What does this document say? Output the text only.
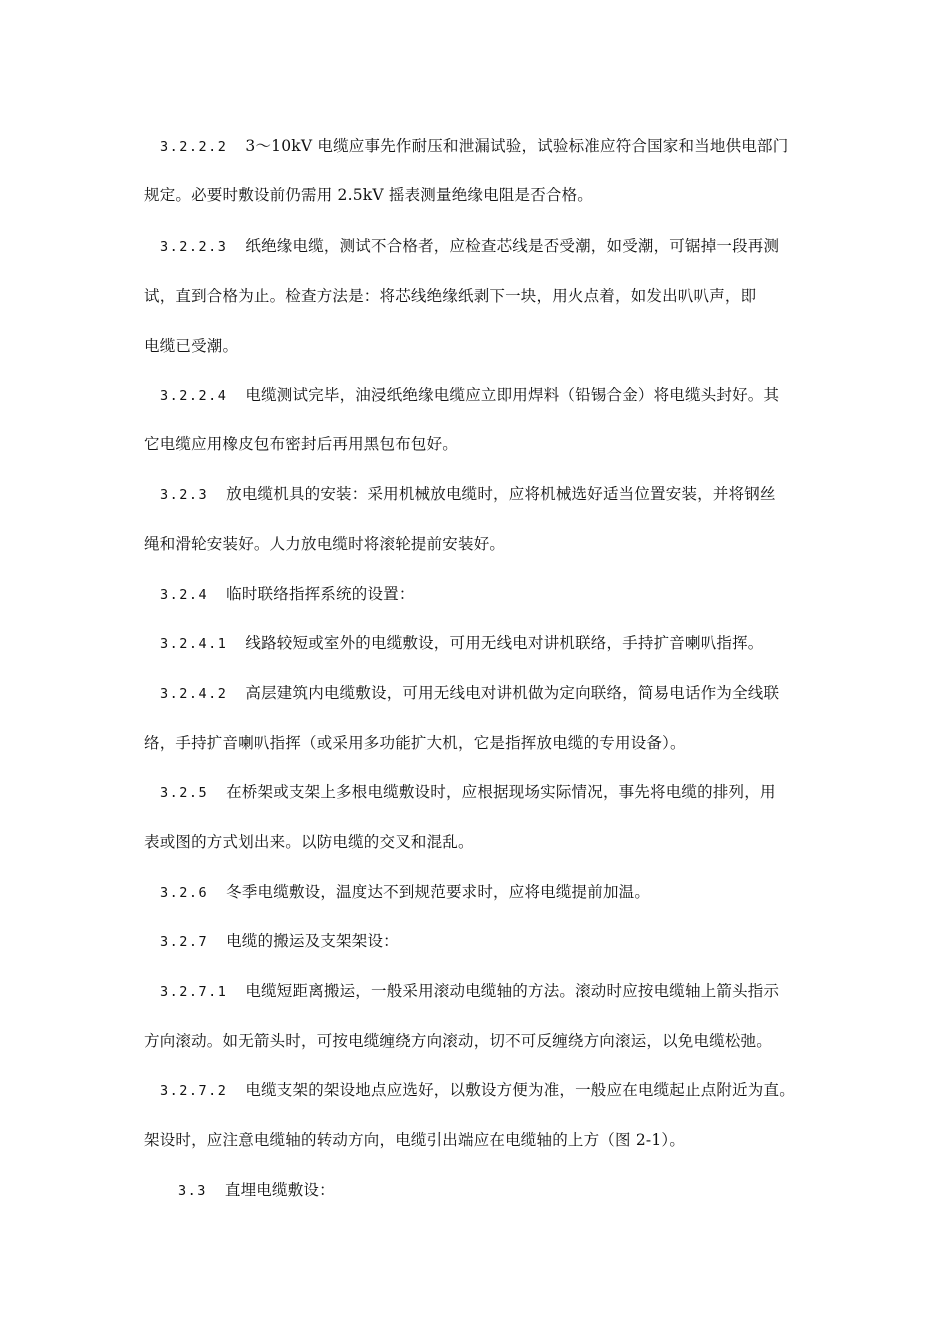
3.2.2.2 3～10kV 电缆应事先作耐压和泄漏试验，试验标准应符合国家和当地供电部门
规定。必要时敷设前仍需用 2.5kV 摇表测量绝缘电阻是否合格。
3.2.2.3 纸绝缘电缆，测试不合格者，应检查芯线是否受潮，如受潮，可锯掉一段再测
试，直到合格为止。检查方法是：将芯线绝缘纸剥下一块，用火点着，如发出叭叭声，即
电缆已受潮。
3.2.2.4 电缆测试完毕，油浸纸绝缘电缆应立即用焊料（铅锡合金）将电缆头封好。其
它电缆应用橡皮包布密封后再用黑包布包好。
3.2.3 放电缆机具的安装：采用机械放电缆时，应将机械选好适当位置安装，并将钢丝
绳和滑轮安装好。人力放电缆时将滚轮提前安装好。
3.2.4 临时联络指挥系统的设置：
3.2.4.1 线路较短或室外的电缆敷设，可用无线电对讲机联络，手持扩音喇叭指挥。
3.2.4.2 高层建筑内电缆敷设，可用无线电对讲机做为定向联络，简易电话作为全线联
络，手持扩音喇叭指挥（或采用多功能扩大机，它是指挥放电缆的专用设备）。
3.2.5 在桥架或支架上多根电缆敷设时，应根据现场实际情况，事先将电缆的排列，用
表或图的方式划出来。以防电缆的交叉和混乱。
3.2.6 冬季电缆敷设，温度达不到规范要求时，应将电缆提前加温。
3.2.7 电缆的搬运及支架架设：
3.2.7.1 电缆短距离搬运，一般采用滚动电缆轴的方法。滚动时应按电缆轴上箭头指示
方向滚动。如无箭头时，可按电缆缠绕方向滚动，切不可反缠绕方向滚运，以免电缆松弛。
3.2.7.2 电缆支架的架设地点应选好，以敷设方便为准，一般应在电缆起止点附近为直。
架设时，应注意电缆轴的转动方向，电缆引出端应在电缆轴的上方（图 2-1）。
3.3 直埋电缆敷设：
